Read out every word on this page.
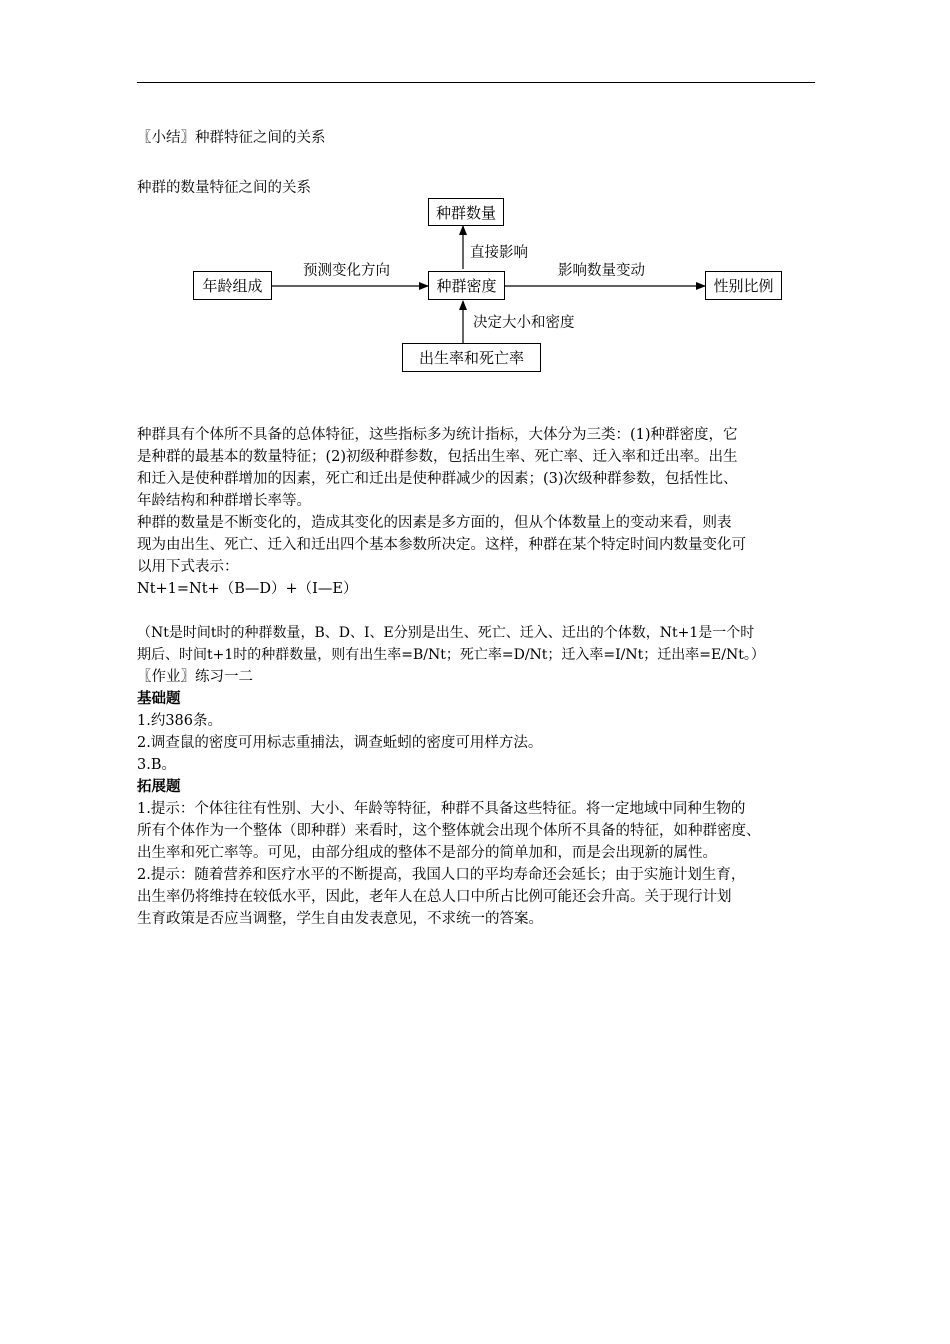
〖小结〗种群特征之间的关系
种群的数量特征之间的关系
种群数量
年龄组成	种群密度	性别比例
出生率和死亡率
预测变化方向
直接影响
影响数量变动
决定大小和密度
种群具有个体所不具备的总体特征，这些指标多为统计指标，大体分为三类：(1)种群密度，它
是种群的最基本的数量特征；(2)初级种群参数，包括出生率、死亡率、迁入率和迁出率。出生
和迁入是使种群增加的因素，死亡和迁出是使种群减少的因素；(3)次级种群参数，包括性比、
年龄结构和种群增长率等。
种群的数量是不断变化的，造成其变化的因素是多方面的，但从个体数量上的变动来看，则表
现为由出生、死亡、迁入和迁出四个基本参数所决定。这样，种群在某个特定时间内数量变化可
以用下式表示：
Nt+1=Nt+（B—D）+（I—E）
（Nt是时间t时的种群数量，B、D、I、E分别是出生、死亡、迁入、迁出的个体数，Nt+1是一个时
期后、时间t+1时的种群数量，则有出生率=B/Nt；死亡率=D/Nt；迁入率=I/Nt；迁出率=E/Nt。）
〖作业〗练习一二
基础题
1.约386条。
2.调查鼠的密度可用标志重捕法，调查蚯蚓的密度可用样方法。
3.B。
拓展题
1.提示：个体往往有性别、大小、年龄等特征，种群不具备这些特征。将一定地域中同种生物的
所有个体作为一个整体（即种群）来看时，这个整体就会出现个体所不具备的特征，如种群密度、
出生率和死亡率等。可见，由部分组成的整体不是部分的简单加和，而是会出现新的属性。
2.提示：随着营养和医疗水平的不断提高，我国人口的平均寿命还会延长；由于实施计划生育，
出生率仍将维持在较低水平，因此，老年人在总人口中所占比例可能还会升高。关于现行计划
生育政策是否应当调整，学生自由发表意见，不求统一的答案。
